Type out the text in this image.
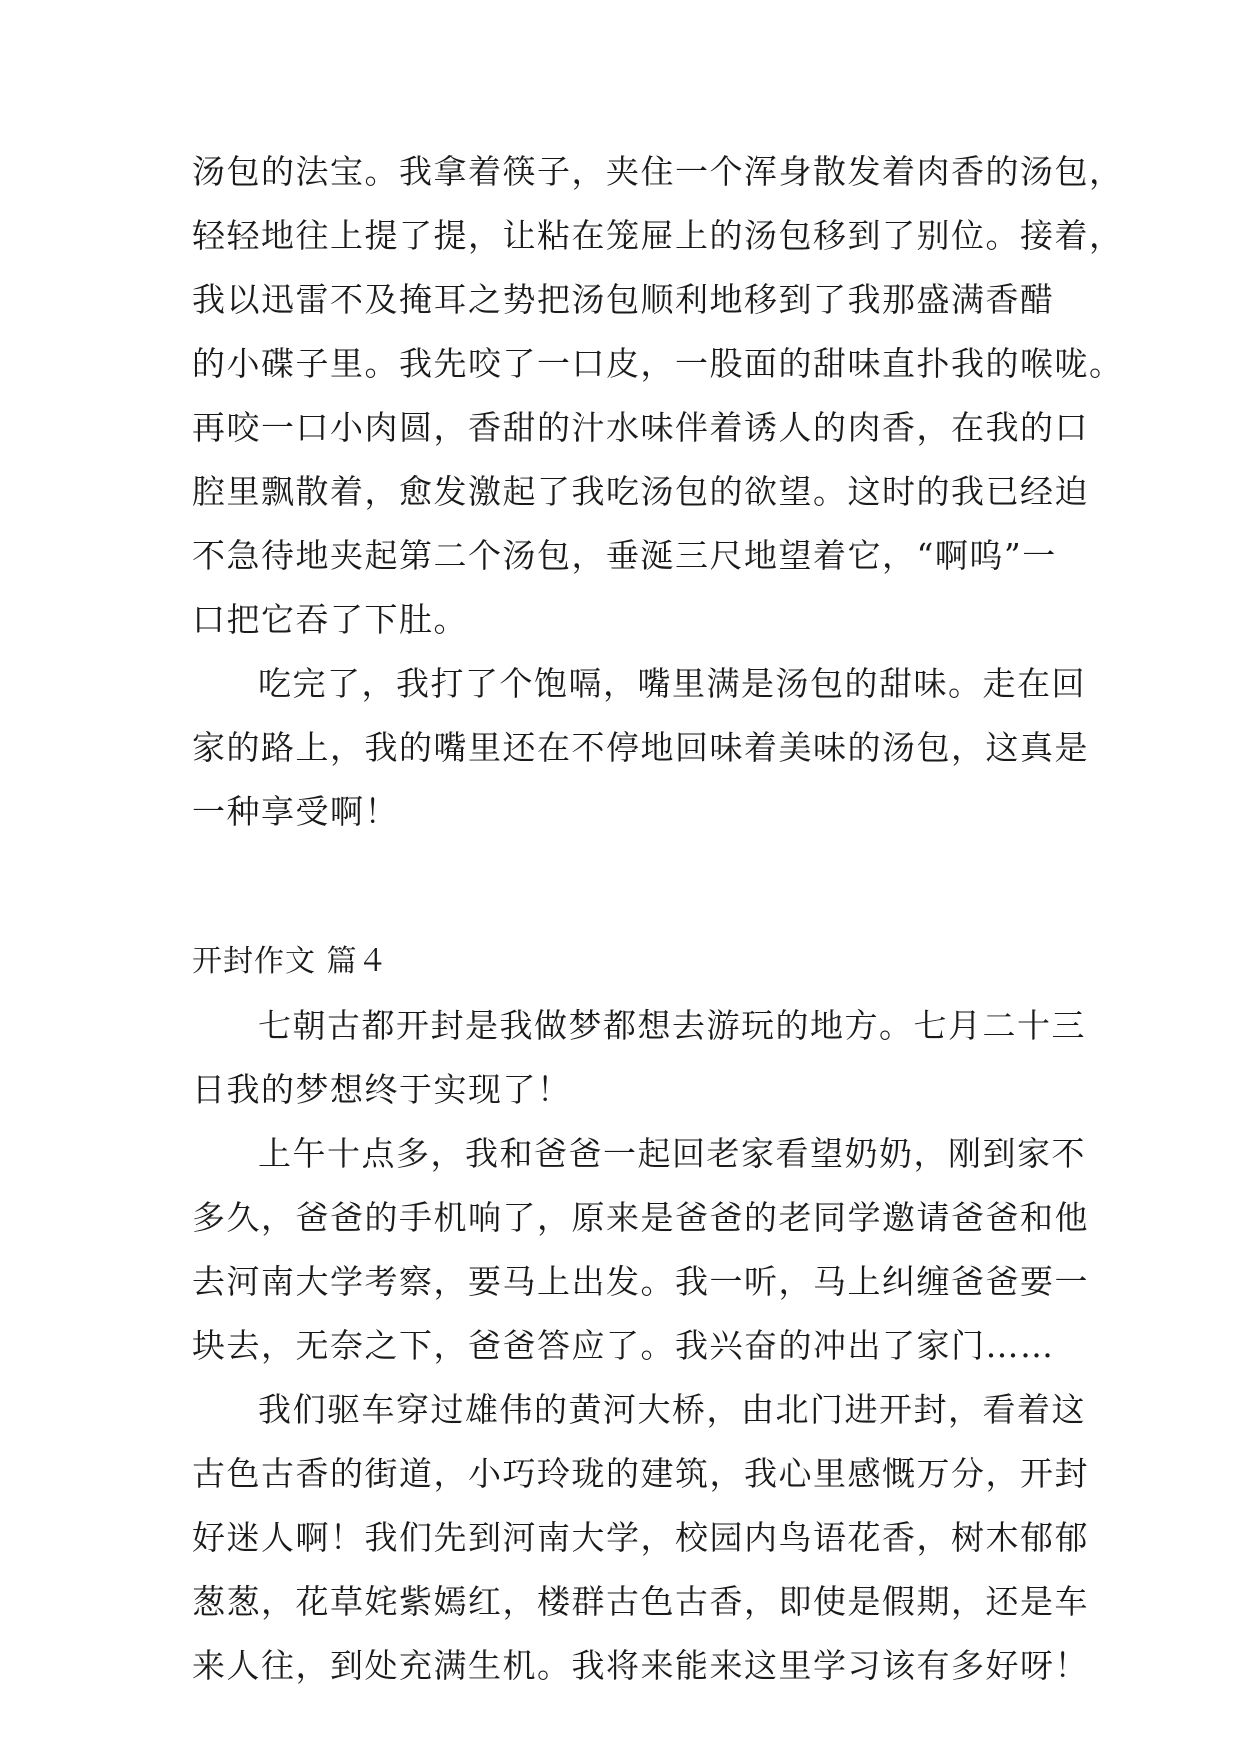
汤包的法宝。我拿着筷子，夹住一个浑身散发着肉香的汤包，
轻轻地往上提了提，让粘在笼屉上的汤包移到了别位。接着，
我以迅雷不及掩耳之势把汤包顺利地移到了我那盛满香醋
的小碟子里。我先咬了一口皮，一股面的甜味直扑我的喉咙。
再咬一口小肉圆，香甜的汁水味伴着诱人的肉香，在我的口
腔里飘散着，愈发激起了我吃汤包的欲望。这时的我已经迫
不急待地夹起第二个汤包，垂涎三尺地望着它，“啊呜”一
口把它吞了下肚。
吃完了，我打了个饱嗝，嘴里满是汤包的甜味。走在回
家的路上，我的嘴里还在不停地回味着美味的汤包，这真是
一种享受啊！
开封作文 篇４
七朝古都开封是我做梦都想去游玩的地方。七月二十三
日我的梦想终于实现了！
上午十点多，我和爸爸一起回老家看望奶奶，刚到家不
多久，爸爸的手机响了，原来是爸爸的老同学邀请爸爸和他
去河南大学考察，要马上出发。我一听，马上纠缠爸爸要一
块去，无奈之下，爸爸答应了。我兴奋的冲出了家门……
我们驱车穿过雄伟的黄河大桥，由北门进开封，看着这
古色古香的街道，小巧玲珑的建筑，我心里感慨万分，开封
好迷人啊！我们先到河南大学，校园内鸟语花香，树木郁郁
葱葱，花草姹紫嫣红，楼群古色古香，即使是假期，还是车
来人往，到处充满生机。我将来能来这里学习该有多好呀！
